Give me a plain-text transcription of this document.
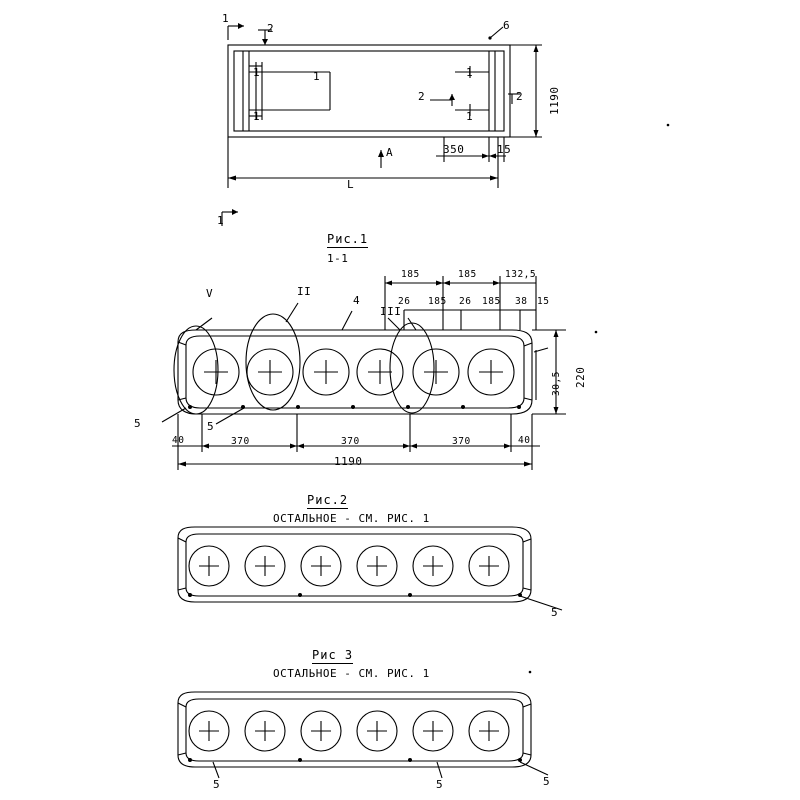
1
2	6
1	1
1
1
1
2	2
1
1190
L
A	350	15
Рис.1
1-1
V	II
4
III
5	5
185	185	132,5
26 185 26 185 38 15
30,5 220
40	370	370	370	40
1190
Рис.2
ОСТАЛЬНОЕ - СМ. РИС. 1
5
Рис 3
ОСТАЛЬНОЕ - СМ. РИС. 1
5	5	5
